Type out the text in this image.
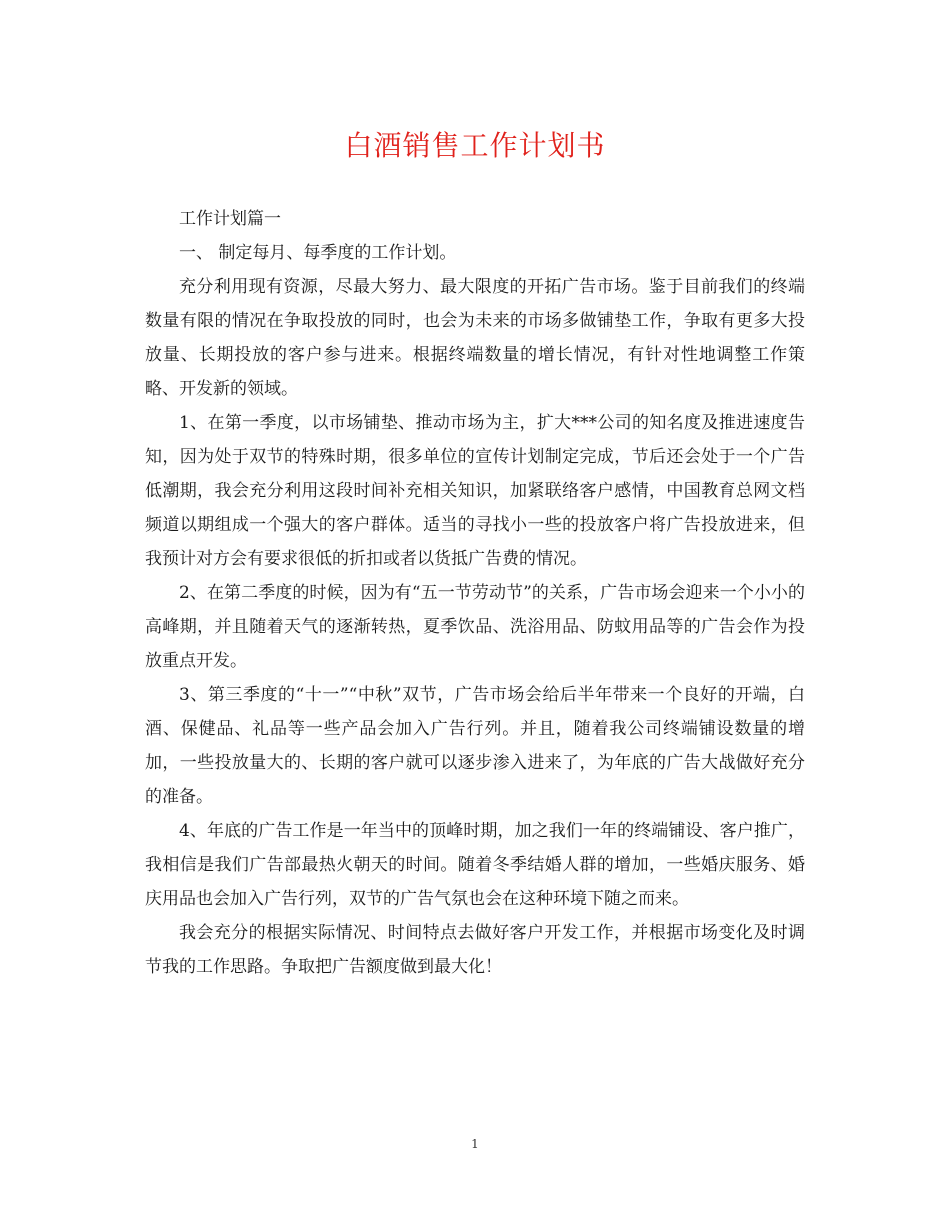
白酒销售工作计划书

工作计划篇一

一、 制定每月、每季度的工作计划。

充分利用现有资源，尽最大努力、最大限度的开拓广告市场。鉴于目前我们的终端数量有限的情况在争取投放的同时，也会为未来的市场多做铺垫工作，争取有更多大投放量、长期投放的客户参与进来。根据终端数量的增长情况，有针对性地调整工作策略、开发新的领域。

1、在第一季度，以市场铺垫、推动市场为主，扩大***公司的知名度及推进速度告知，因为处于双节的特殊时期，很多单位的宣传计划制定完成，节后还会处于一个广告低潮期，我会充分利用这段时间补充相关知识，加紧联络客户感情，中国教育总网文档频道以期组成一个强大的客户群体。适当的寻找小一些的投放客户将广告投放进来，但我预计对方会有要求很低的折扣或者以货抵广告费的情况。

2、在第二季度的时候，因为有“五一节劳动节”的关系，广告市场会迎来一个小小的高峰期，并且随着天气的逐渐转热，夏季饮品、洗浴用品、防蚊用品等的广告会作为投放重点开发。

3、第三季度的“十一”“中秋”双节，广告市场会给后半年带来一个良好的开端，白酒、保健品、礼品等一些产品会加入广告行列。并且，随着我公司终端铺设数量的增加，一些投放量大的、长期的客户就可以逐步渗入进来了，为年底的广告大战做好充分的准备。

4、年底的广告工作是一年当中的顶峰时期，加之我们一年的终端铺设、客户推广，我相信是我们广告部最热火朝天的时间。随着冬季结婚人群的增加，一些婚庆服务、婚庆用品也会加入广告行列，双节的广告气氛也会在这种环境下随之而来。

我会充分的根据实际情况、时间特点去做好客户开发工作，并根据市场变化及时调节我的工作思路。争取把广告额度做到最大化！

1
